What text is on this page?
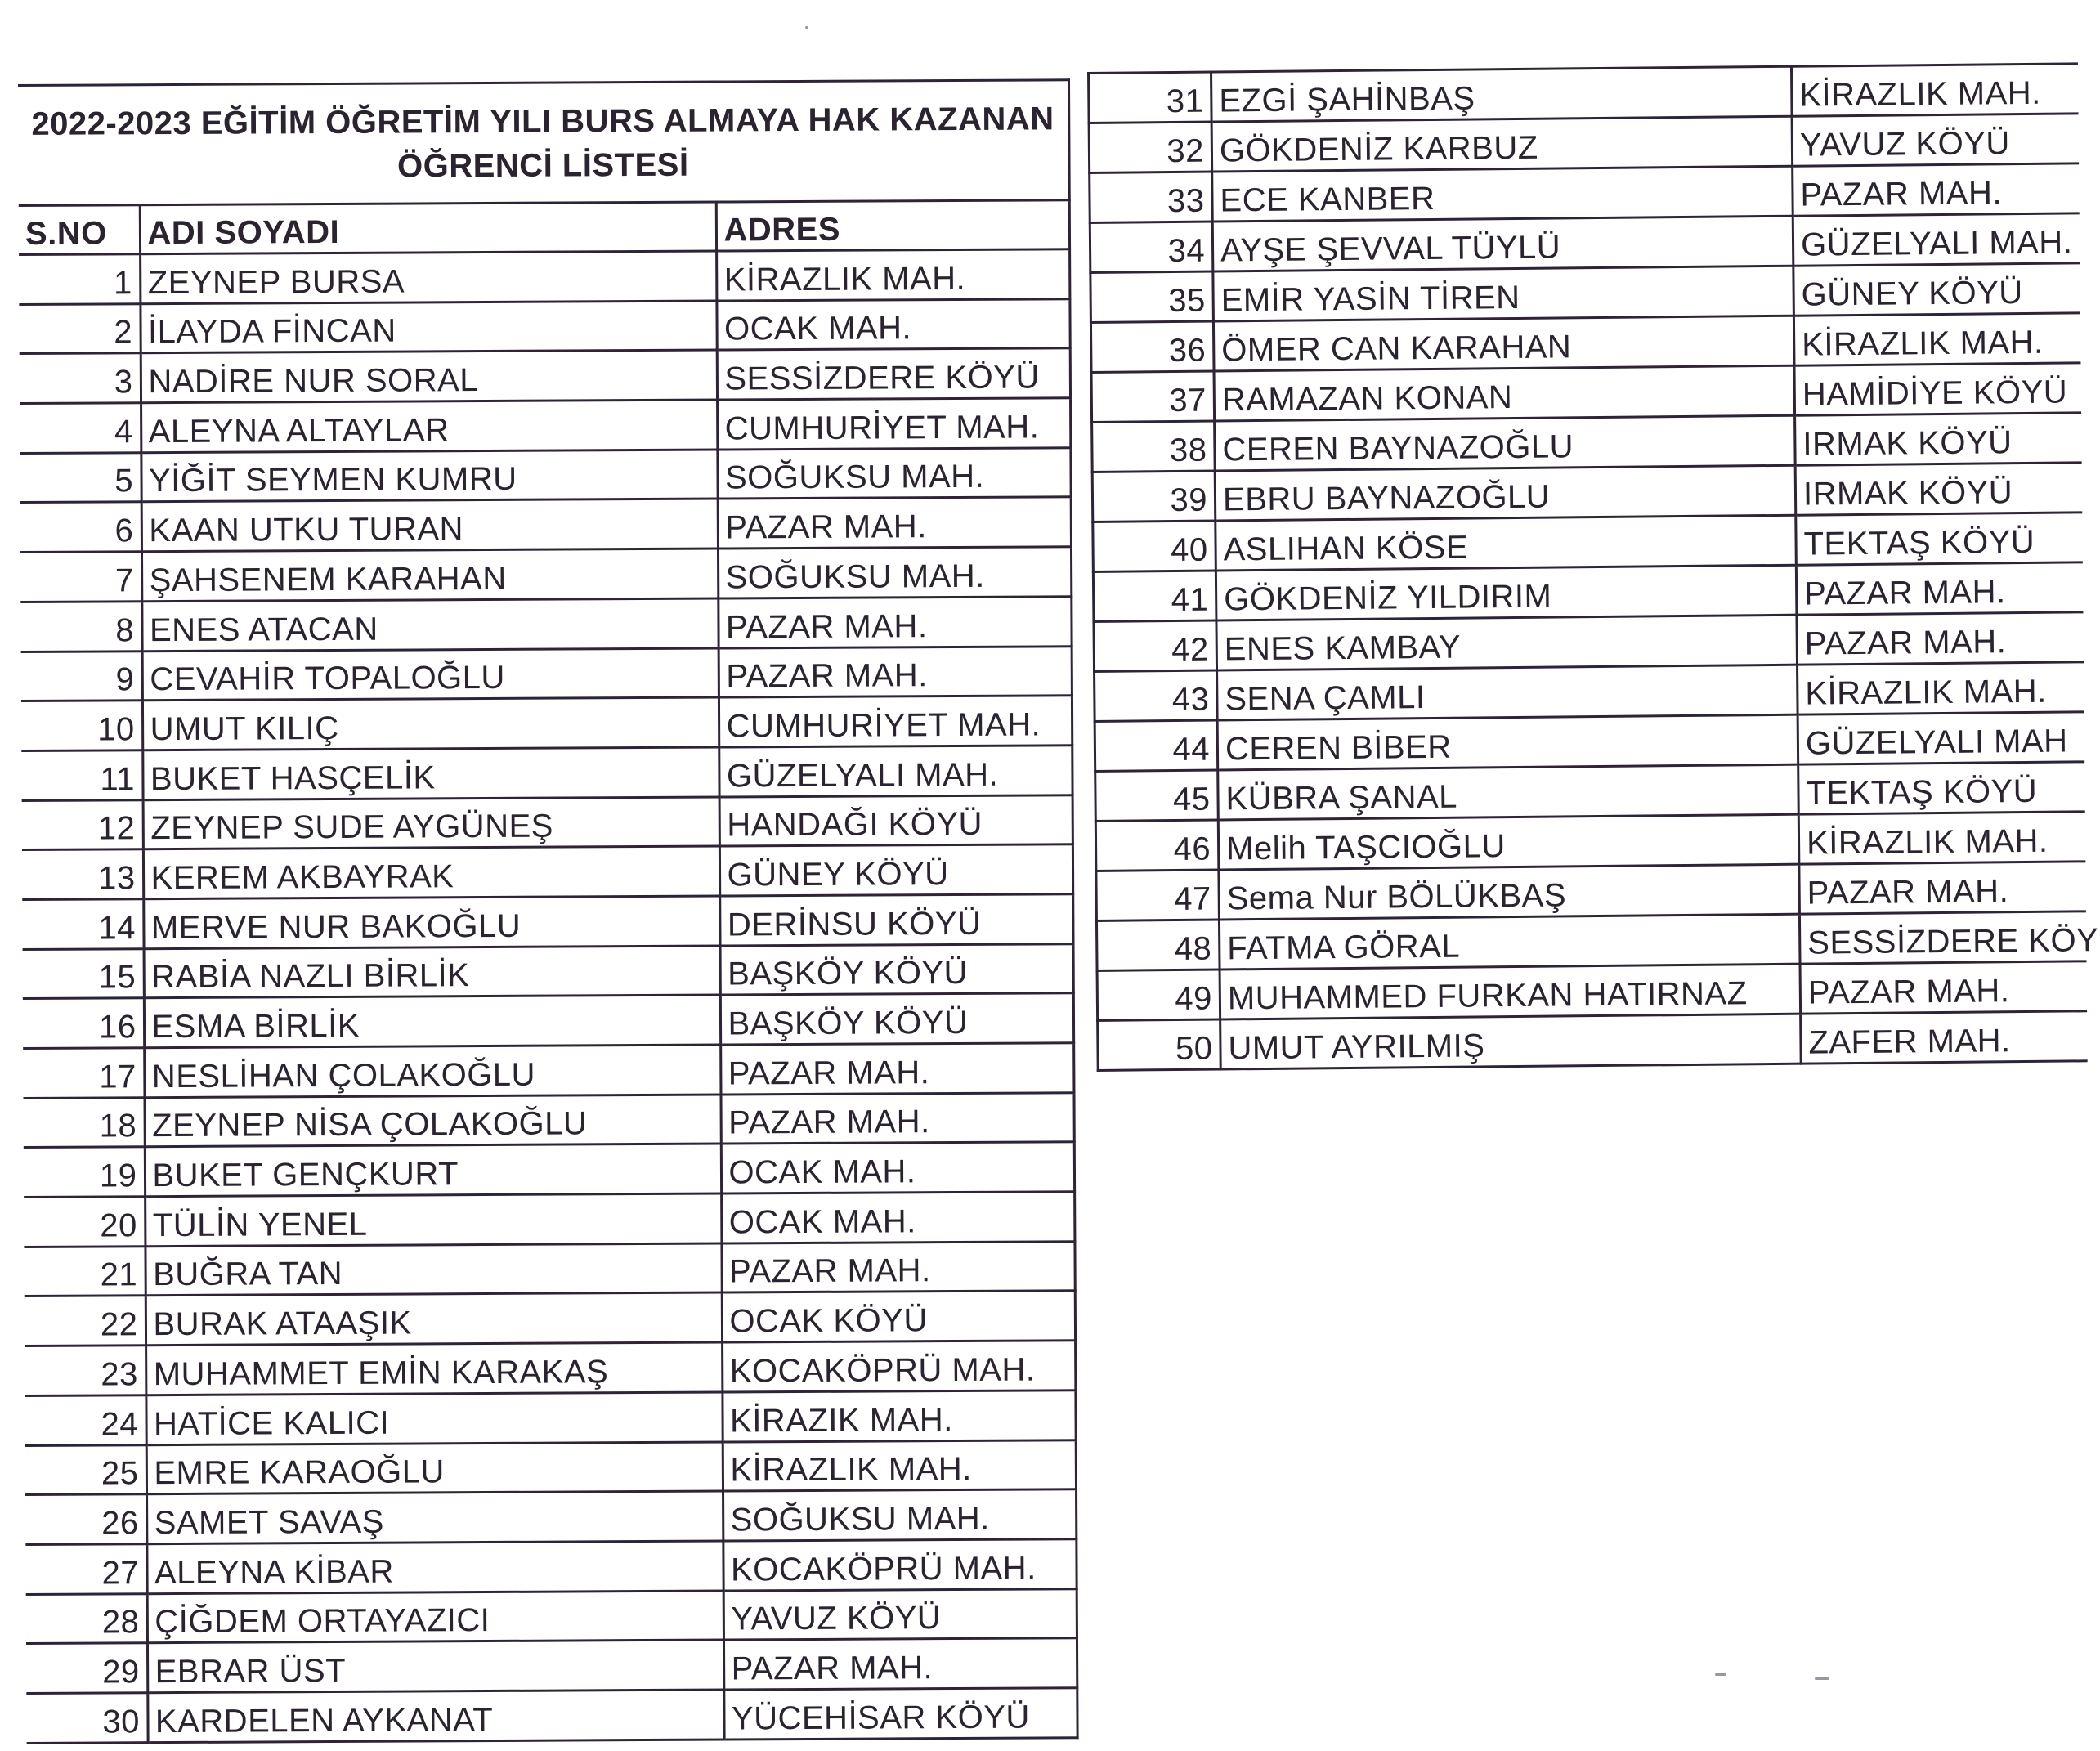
2022-2023 EĞİTİM ÖĞRETİM YILI BURS ALMAYA HAK KAZANAN
ÖĞRENCİ LİSTESİ		
S.NO	ADI SOYADI	ADRES
1	ZEYNEP BURSA	KİRAZLIK MAH.
2	İLAYDA FİNCAN	OCAK MAH.
3	NADİRE NUR SORAL	SESSİZDERE KÖYÜ
4	ALEYNA ALTAYLAR	CUMHURİYET MAH.
5	YİĞİT SEYMEN KUMRU	SOĞUKSU MAH.
6	KAAN UTKU TURAN	PAZAR MAH.
7	ŞAHSENEM KARAHAN	SOĞUKSU MAH.
8	ENES ATACAN	PAZAR MAH.
9	CEVAHİR TOPALOĞLU	PAZAR MAH.
10	UMUT KILIÇ	CUMHURİYET MAH.
11	BUKET HASÇELİK	GÜZELYALI MAH.
12	ZEYNEP SUDE AYGÜNEŞ	HANDAĞI KÖYÜ
13	KEREM AKBAYRAK	GÜNEY KÖYÜ
14	MERVE NUR BAKOĞLU	DERİNSU KÖYÜ
15	RABİA NAZLI BİRLİK	BAŞKÖY KÖYÜ
16	ESMA BİRLİK	BAŞKÖY KÖYÜ
17	NESLİHAN ÇOLAKOĞLU	PAZAR MAH.
18	ZEYNEP NİSA ÇOLAKOĞLU	PAZAR MAH.
19	BUKET GENÇKURT	OCAK MAH.
20	TÜLİN YENEL	OCAK MAH.
21	BUĞRA TAN	PAZAR MAH.
22	BURAK ATAAŞIK	OCAK KÖYÜ
23	MUHAMMET EMİN KARAKAŞ	KOCAKÖPRÜ MAH.
24	HATİCE KALICI	KİRAZIK MAH.
25	EMRE KARAOĞLU	KİRAZLIK MAH.
26	SAMET SAVAŞ	SOĞUKSU MAH.
27	ALEYNA KİBAR	KOCAKÖPRÜ MAH.
28	ÇİĞDEM ORTAYAZICI	YAVUZ KÖYÜ
29	EBRAR ÜST	PAZAR MAH.
30	KARDELEN AYKANAT	YÜCEHİSAR KÖYÜ
31	EZGİ ŞAHİNBAŞ	KİRAZLIK MAH.
32	GÖKDENİZ KARBUZ	YAVUZ KÖYÜ
33	ECE KANBER	PAZAR MAH.
34	AYŞE ŞEVVAL TÜYLÜ	GÜZELYALI MAH.
35	EMİR YASİN TİREN	GÜNEY KÖYÜ
36	ÖMER CAN KARAHAN	KİRAZLIK MAH.
37	RAMAZAN KONAN	HAMİDİYE KÖYÜ
38	CEREN BAYNAZOĞLU	IRMAK KÖYÜ
39	EBRU BAYNAZOĞLU	IRMAK KÖYÜ
40	ASLIHAN KÖSE	TEKTAŞ KÖYÜ
41	GÖKDENİZ YILDIRIM	PAZAR MAH.
42	ENES KAMBAY	PAZAR MAH.
43	SENA ÇAMLI	KİRAZLIK MAH.
44	CEREN BİBER	GÜZELYALI MAH
45	KÜBRA ŞANAL	TEKTAŞ KÖYÜ
46	Melih TAŞCIOĞLU	KİRAZLIK MAH.
47	Sema Nur BÖLÜKBAŞ	PAZAR MAH.
48	FATMA GÖRAL	SESSİZDERE KÖY
49	MUHAMMED FURKAN HATIRNAZ	PAZAR MAH.
50	UMUT AYRILMIŞ	ZAFER MAH.
